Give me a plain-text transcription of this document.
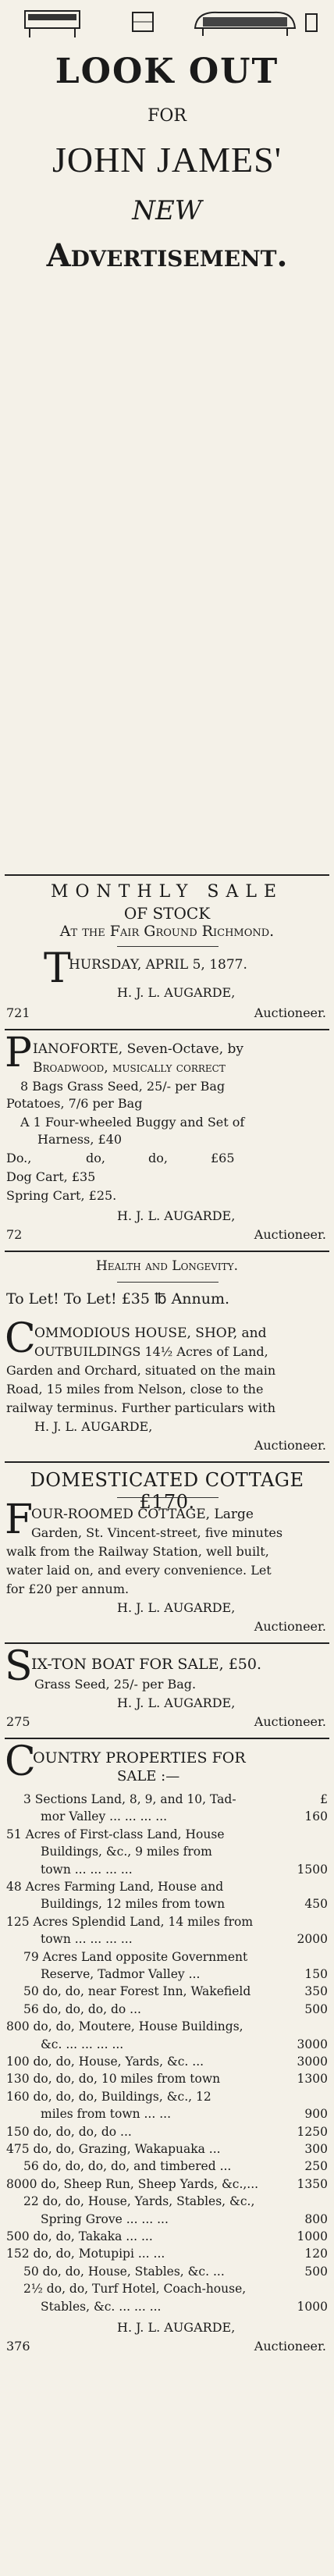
LOOK OUT
FOR
JOHN JAMES'
NEW
Advertisement.
MONTHLY SALE
OF STOCK
At the Fair Ground Richmond.
T
HURSDAY, APRIL 5, 1877.
H. J. L. AUGARDE,
721	Auctioneer.
P IANOFORTE, Seven-Octave, by
Broadwood, musically correct
8 Bags Grass Seed, 25/- per Bag
Potatoes, 7/6 per Bag
A 1 Four-wheeled Buggy and Set of
Harness, £40
Do.,	do,	do,	£65
Dog Cart, £35
Spring Cart, £25.
H. J. L. AUGARDE,
72	Auctioneer.
Health and Longevity.
To Let! To Let! £35 ℔ Annum.
C
OMMODIOUS HOUSE, SHOP, and
OUTBUILDINGS 14½ Acres of Land,
Garden and Orchard, situated on the main
Road, 15 miles from Nelson, close to the
railway terminus. Further particulars with
H. J. L. AUGARDE,
Auctioneer.
DOMESTICATED COTTAGE £170.
F
OUR-ROOMED COTTAGE, Large
Garden, St. Vincent-street, five minutes
walk from the Railway Station, well built,
water laid on, and every convenience. Let
for £20 per annum.
H. J. L. AUGARDE,
Auctioneer.
S
IX-TON BOAT FOR SALE, £50.
Grass Seed, 25/- per Bag.
H. J. L. AUGARDE,
275	Auctioneer.
C
OUNTRY PROPERTIES FOR
SALE :—
3 Sections Land, 8, 9, and 10, Tad-	£
mor Valley ... ... ... ...	160
51 Acres of First-class Land, House
Buildings, &c., 9 miles from
town ... ... ... ...	1500
48 Acres Farming Land, House and
Buildings, 12 miles from town	450
125 Acres Splendid Land, 14 miles from
town ... ... ... ...	2000
79 Acres Land opposite Government
Reserve, Tadmor Valley ...	150
50 do, do, near Forest Inn, Wakefield	350
56 do, do, do, do ...	500
800 do, do, Moutere, House Buildings,
&c. ... ... ... ...	3000
100 do, do, House, Yards, &c. ...	3000
130 do, do, do, 10 miles from town	1300
160 do, do, do, Buildings, &c., 12
miles from town ... ...	900
150 do, do, do, do ...	1250
475 do, do, Grazing, Wakapuaka ...	300
56 do, do, do, do, and timbered ...	250
8000 do, Sheep Run, Sheep Yards, &c.,...	1350
22 do, do, House, Yards, Stables, &c.,
Spring Grove ... ... ...	800
500 do, do, Takaka ... ...	1000
152 do, do, Motupipi ... ...	120
50 do, do, House, Stables, &c. ...	500
2½ do, do, Turf Hotel, Coach-house,
Stables, &c. ... ... ...	1000
H. J. L. AUGARDE,
376	Auctioneer.
